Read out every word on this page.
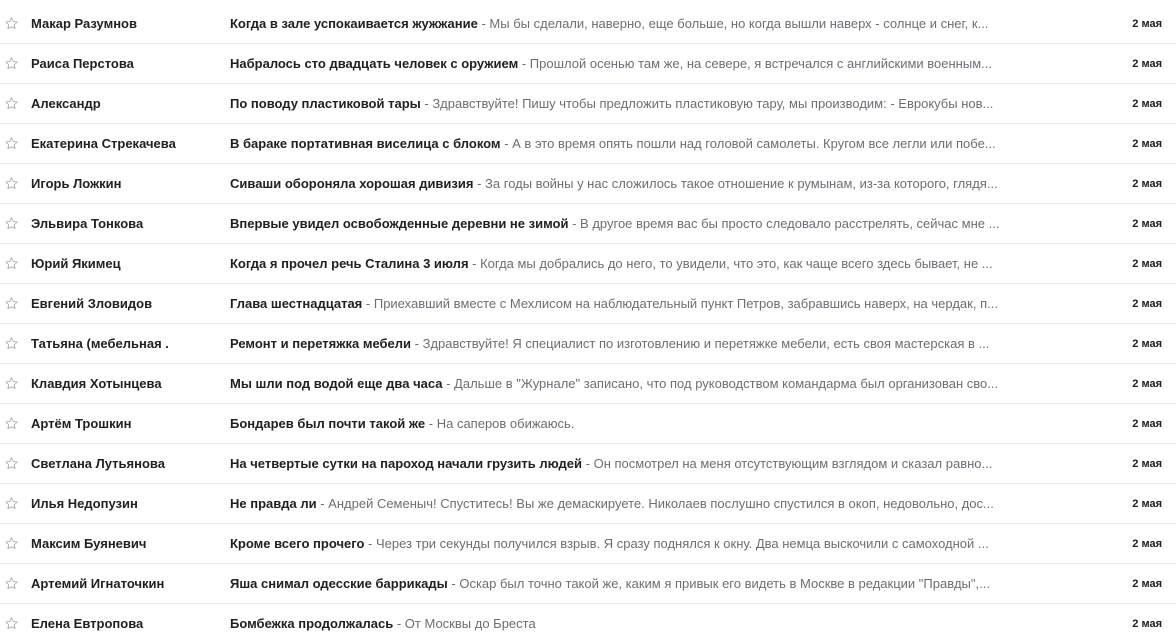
Макар Разумнов	Когда в зале успокаивается жужжание - Мы бы сделали, наверно, еще больше, но когда вышли наверх - солнце и снег, к...	2 мая
Раиса Перстова	Набралось сто двадцать человек с оружием - Прошлой осенью там же, на севере, я встречался с английскими военным...	2 мая
Александр	По поводу пластиковой тары - Здравствуйте! Пишу чтобы предложить пластиковую тару, мы производим: - Еврокубы нов...	2 мая
Екатерина Стрекачева	В бараке портативная виселица с блоком - А в это время опять пошли над головой самолеты. Кругом все легли или побе...	2 мая
Игорь Ложкин	Сиваши обороняла хорошая дивизия - За годы войны у нас сложилось такое отношение к румынам, из-за которого, глядя...	2 мая
Эльвира Тонкова	Впервые увидел освобожденные деревни не зимой - В другое время вас бы просто следовало расстрелять, сейчас мне ...	2 мая
Юрий Якимец	Когда я прочел речь Сталина 3 июля - Когда мы добрались до него, то увидели, что это, как чаще всего здесь бывает, не ...	2 мая
Евгений Зловидов	Глава шестнадцатая - Приехавший вместе с Мехлисом на наблюдательный пункт Петров, забравшись наверх, на чердак, п...	2 мая
Татьяна (мебельная .	Ремонт и перетяжка мебели - Здравствуйте! Я специалист по изготовлению и перетяжке мебели, есть своя мастерская в ...	2 мая
Клавдия Хотынцева	Мы шли под водой еще два часа - Дальше в "Журнале" записано, что под руководством командарма был организован сво...	2 мая
Артём Трошкин	Бондарев был почти такой же - На саперов обижаюсь.	2 мая
Светлана Лутьянова	На четвертые сутки на пароход начали грузить людей - Он посмотрел на меня отсутствующим взглядом и сказал равно...	2 мая
Илья Недопузин	Не правда ли - Андрей Семеныч! Спуститесь! Вы же демаскируете. Николаев послушно спустился в окоп, недовольно, дос...	2 мая
Максим Буяневич	Кроме всего прочего - Через три секунды получился взрыв. Я сразу поднялся к окну. Два немца выскочили с самоходной ...	2 мая
Артемий Игнаточкин	Яша снимал одесские баррикады - Оскар был точно такой же, каким я привык его видеть в Москве в редакции "Правды",...	2 мая
Елена Евтропова	Бомбежка продолжалась - От Москвы до Бреста	2 мая
